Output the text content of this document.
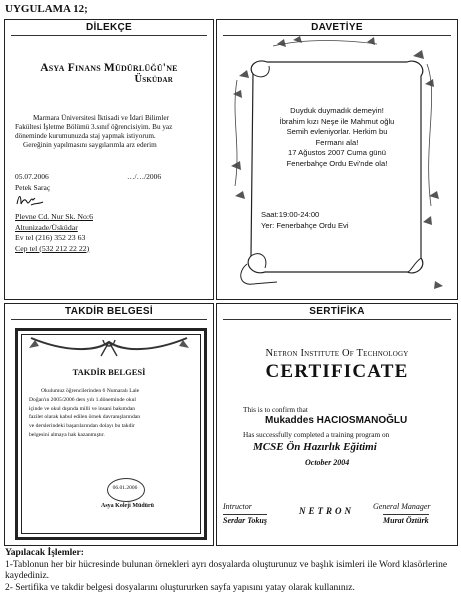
UYGULAMA 12;
DİLEKÇE
Asya Finans Müdürlüğü'ne
Üsküdar
Marmara Üniversitesi İktisadi ve İdari Bilimler
Fakültesi İşletme Bölümü 3.sınıf öğrencisiyim. Bu yaz
döneminde kurumunuzda staj yapmak istiyorum.
Gereğinin yapılmasını saygılarımla arz ederim
05.07.2006	…/…/2006
Petek Saraç
Plevne Cd. Nur Sk. No:6
Altunizade/Üsküdar
Ev tel (216) 352 23 63
Cep tel (532 212 22 22)
DAVETİYE
Duyduk duymadık demeyin!
İbrahim kızı Neşe ile Mahmut oğlu
Semih evleniyorlar. Herkim bu
Fermanı ala!
17 Ağustos 2007 Cuma günü
Fenerbahçe Ordu Evi'nde ola!
Saat:19:00-24:00
Yer: Fenerbahçe Ordu Evi
TAKDİR BELGESİ
TAKDİR BELGESİ
Okulumuz öğrencilerinden 6 Numaralı Lale
Doğan'ın 2005/2006 ders yılı 1.döneminde okul
içinde ve okul dışında milli ve insani bakımdan
fazilet olarak kabul edilen örnek davranışlarından
ve derslerindeki başarılarından dolayı bu takdir
belgesini almaya hak kazanmıştır.
06.01.2006
Asya Koleji Müdürü
SERTİFİKA
Netron Institute Of Technology
CERTIFICATE
This is to confirm that
Mukaddes HACIOSMANOĞLU
Has successfully completed a training program on
MCSE Ön Hazırlık Eğitimi
October 2004
Intructor
Serdar Tokuş
NETRON General Manager
Murat Öztürk
Yapılacak İşlemler:
1-Tablonun her bir hücresinde bulunan örnekleri ayrı dosyalarda oluşturunuz ve başlık isimleri ile Word klasörlerine kaydediniz.
2- Sertifika ve takdir belgesi dosyalarını oluştururken sayfa yapısını yatay olarak kullanınız.
